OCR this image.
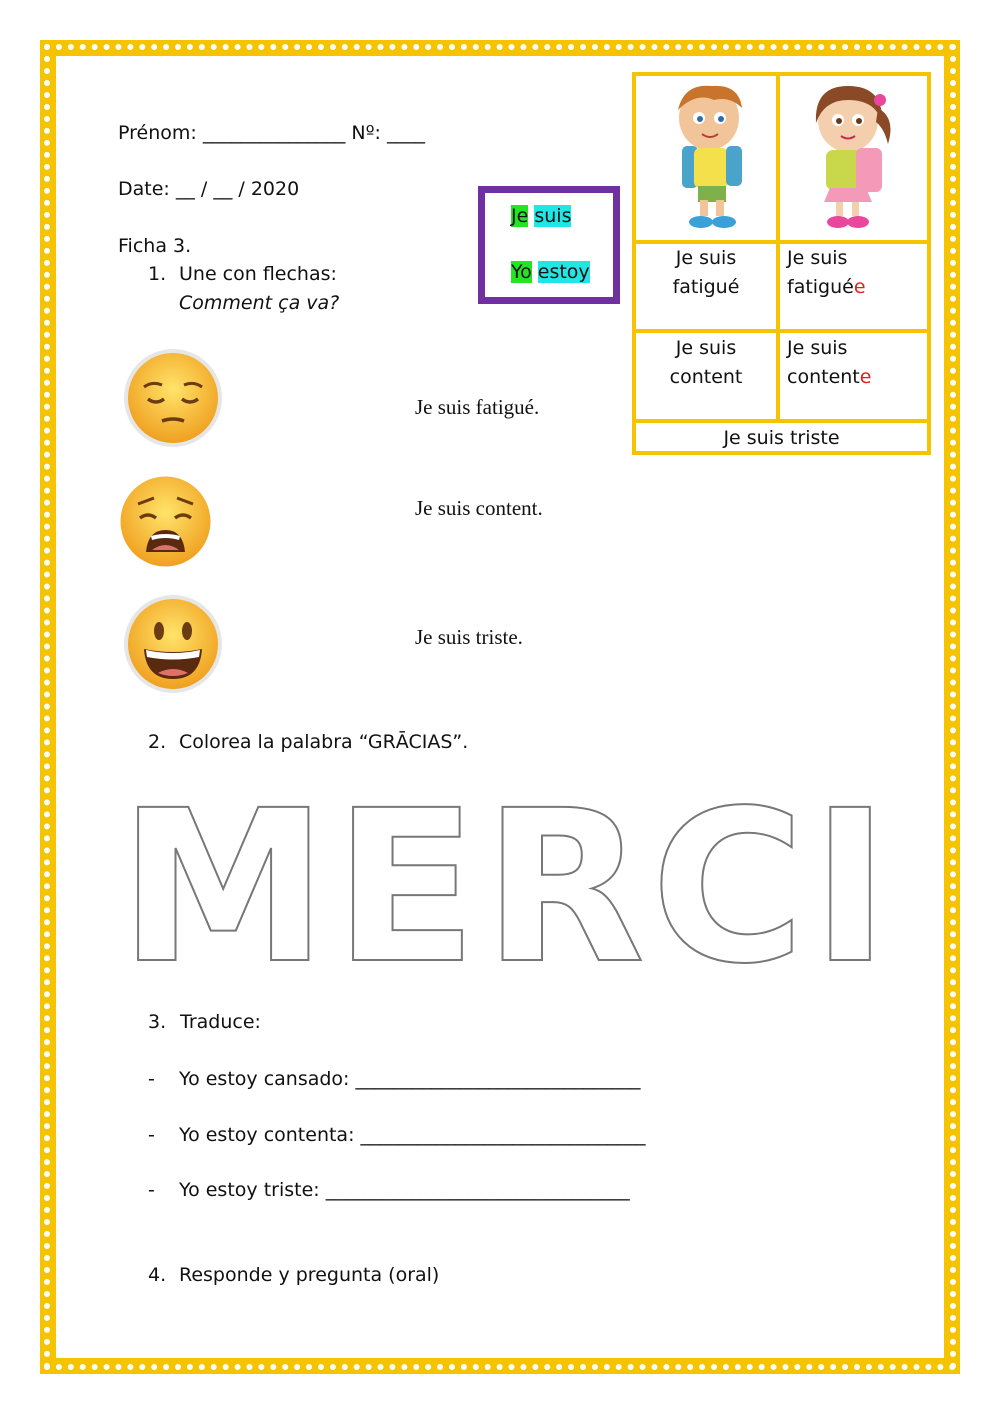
Prénom: _______________ Nº: ____
Date: __ / __ / 2020
Ficha 3.
1. Une con flechas:
Comment ça va?
Je suis
Yo estoy
Je suis
fatigué
Je suis
fatiguée
Je suis
content
Je suis
contente
Je suis triste
Je suis fatigué.
Je suis content.
Je suis triste.
2. Colorea la palabra “GRĀCIAS”.
MERCI
3. Traduce:
- Yo estoy cansado: ______________________________
- Yo estoy contenta: ______________________________
- Yo estoy triste: ________________________________
4. Responde y pregunta (oral)
